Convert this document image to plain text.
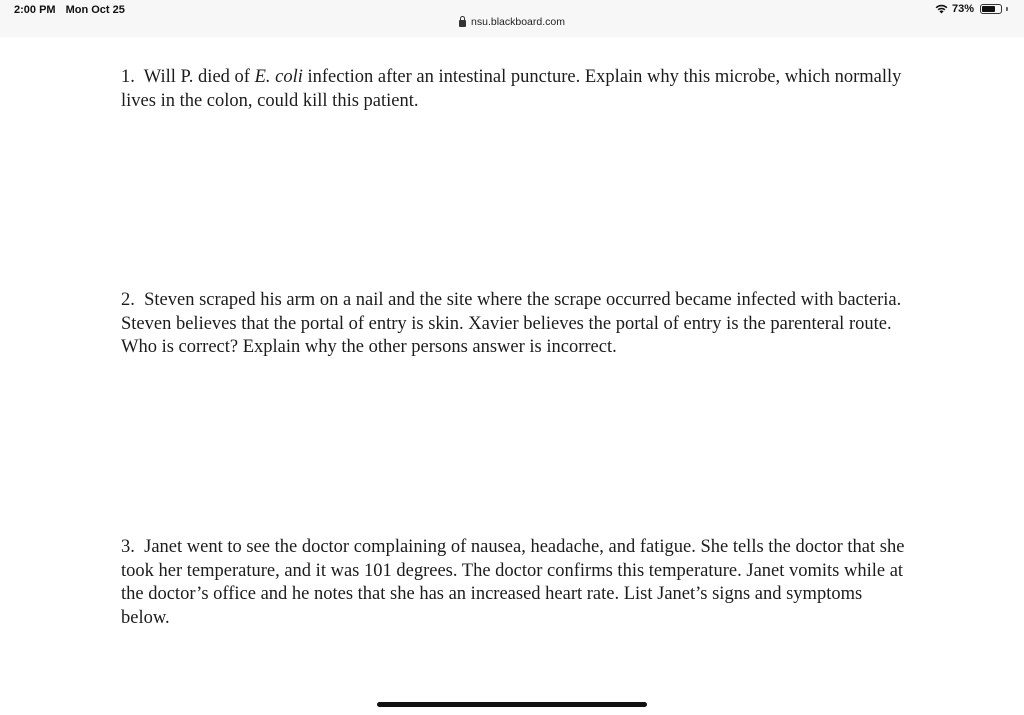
2:00 PM Mon Oct 25
nsu.blackboard.com
73%

1. Will P. died of E. coli infection after an intestinal puncture. Explain why this microbe, which normally lives in the colon, could kill this patient.

2. Steven scraped his arm on a nail and the site where the scrape occurred became infected with bacteria. Steven believes that the portal of entry is skin. Xavier believes the portal of entry is the parenteral route. Who is correct? Explain why the other persons answer is incorrect.

3. Janet went to see the doctor complaining of nausea, headache, and fatigue. She tells the doctor that she took her temperature, and it was 101 degrees. The doctor confirms this temperature. Janet vomits while at the doctor’s office and he notes that she has an increased heart rate. List Janet’s signs and symptoms below.
